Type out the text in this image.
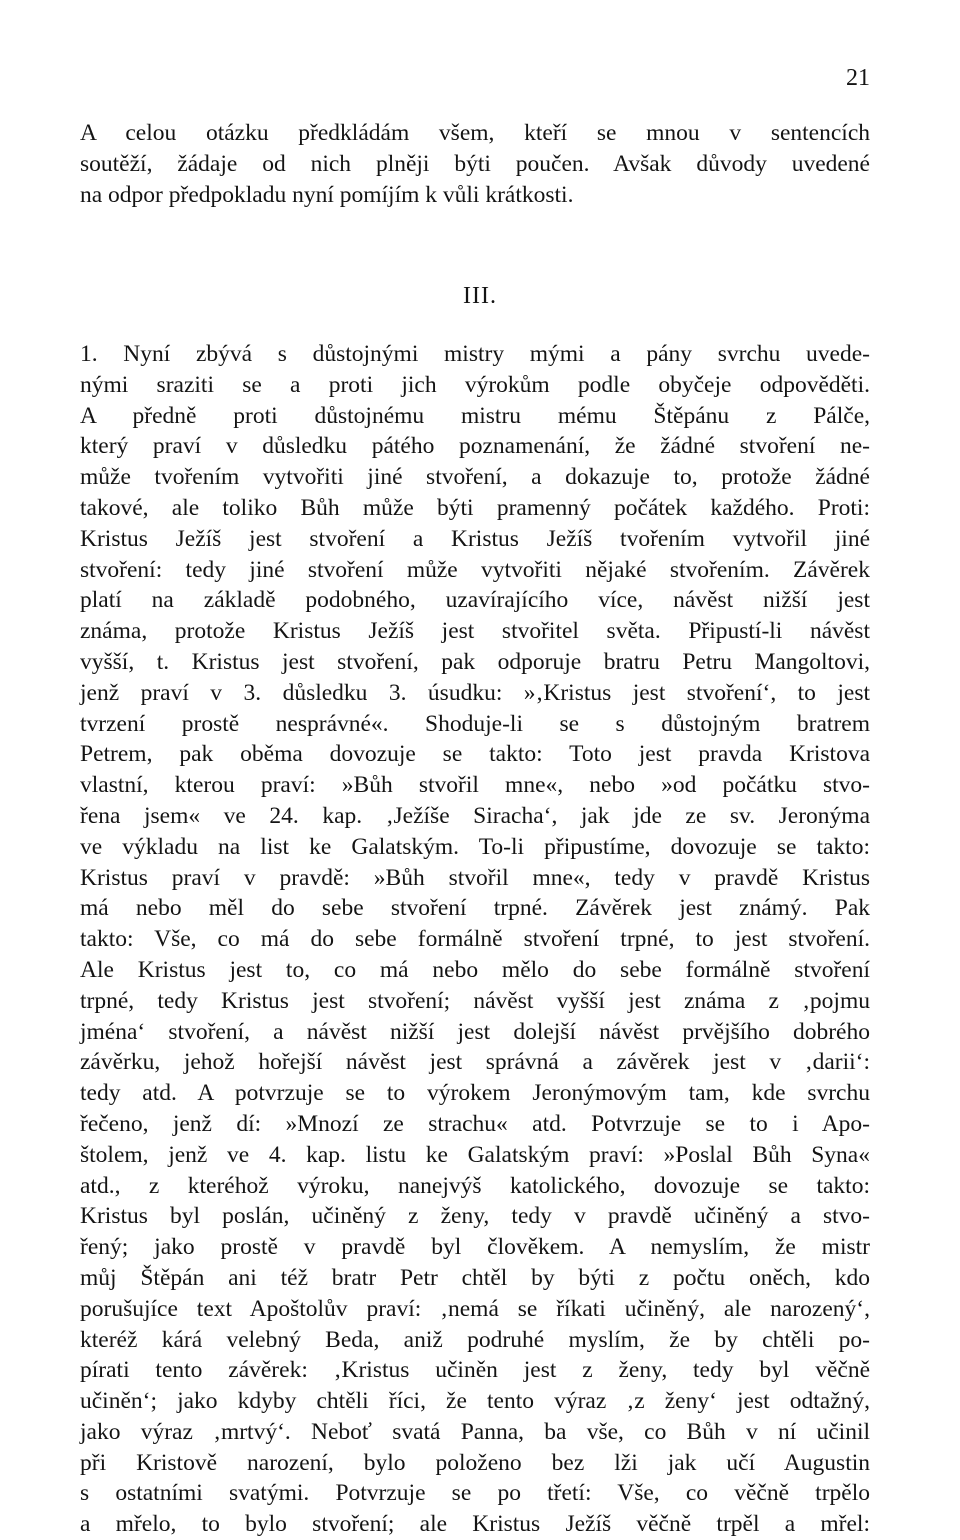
21
A celou otázku předkládám všem, kteří se mnou v sentencích
soutěží, žádaje od nich plněji býti poučen. Avšak důvody uvedené
na odpor předpokladu nyní pomíjím k vůli krátkosti.
III.
1. Nyní zbývá s důstojnými mistry mými a pány svrchu uvede-
nými sraziti se a proti jich výrokům podle obyčeje odpověděti.
A předně proti důstojnému mistru mému Štěpánu z Pálče,
který praví v důsledku pátého poznamenání, že žádné stvoření ne-
může tvořením vytvořiti jiné stvoření, a dokazuje to, protože žádné
takové, ale toliko Bůh může býti pramenný počátek každého. Proti:
Kristus Ježíš jest stvoření a Kristus Ježíš tvořením vytvořil jiné
stvoření: tedy jiné stvoření může vytvořiti nějaké stvořením. Závěrek
platí na základě podobného, uzavírajícího více, návěst nižší jest
známa, protože Kristus Ježíš jest stvořitel světa. Připustí-li návěst
vyšší, t. Kristus jest stvoření, pak odporuje bratru Petru Mangoltovi,
jenž praví v 3. důsledku 3. úsudku: »‚Kristus jest stvoření‘, to jest
tvrzení prostě nesprávné«. Shoduje-li se s důstojným bratrem
Petrem, pak oběma dovozuje se takto: Toto jest pravda Kristova
vlastní, kterou praví: »Bůh stvořil mne«, nebo »od počátku stvo-
řena jsem« ve 24. kap. ‚Ježíše Siracha‘, jak jde ze sv. Jeronýma
ve výkladu na list ke Galatským. To-li připustíme, dovozuje se takto:
Kristus praví v pravdě: »Bůh stvořil mne«, tedy v pravdě Kristus
má nebo měl do sebe stvoření trpné. Závěrek jest známý. Pak
takto: Vše, co má do sebe formálně stvoření trpné, to jest stvoření.
Ale Kristus jest to, co má nebo mělo do sebe formálně stvoření
trpné, tedy Kristus jest stvoření; návěst vyšší jest známa z ‚pojmu
jména‘ stvoření, a návěst nižší jest dolejší návěst prvějšího dobrého
závěrku, jehož hořejší návěst jest správná a závěrek jest v ‚darii‘:
tedy atd. A potvrzuje se to výrokem Jeronýmovým tam, kde svrchu
řečeno, jenž dí: »Mnozí ze strachu« atd. Potvrzuje se to i Apo-
štolem, jenž ve 4. kap. listu ke Galatským praví: »Poslal Bůh Syna«
atd., z kteréhož výroku, nanejvýš katolického, dovozuje se takto:
Kristus byl poslán, učiněný z ženy, tedy v pravdě učiněný a stvo-
řený; jako prostě v pravdě byl člověkem. A nemyslím, že mistr
můj Štěpán ani též bratr Petr chtěl by býti z počtu oněch, kdo
porušujíce text Apoštolův praví: ‚nemá se říkati učiněný, ale narozený‘,
kteréž kárá velebný Beda, aniž podruhé myslím, že by chtěli po-
pírati tento závěrek: ‚Kristus učiněn jest z ženy, tedy byl věčně
učiněn‘; jako kdyby chtěli říci, že tento výraz ‚z ženy‘ jest odtažný,
jako výraz ‚mrtvý‘. Neboť svatá Panna, ba vše, co Bůh v ní učinil
při Kristově narození, bylo položeno bez lži jak učí Augustin
s ostatními svatými. Potvrzuje se po třetí: Vše, co věčně trpělo
a mřelo, to bylo stvoření; ale Kristus Ježíš věčně trpěl a mřel:
